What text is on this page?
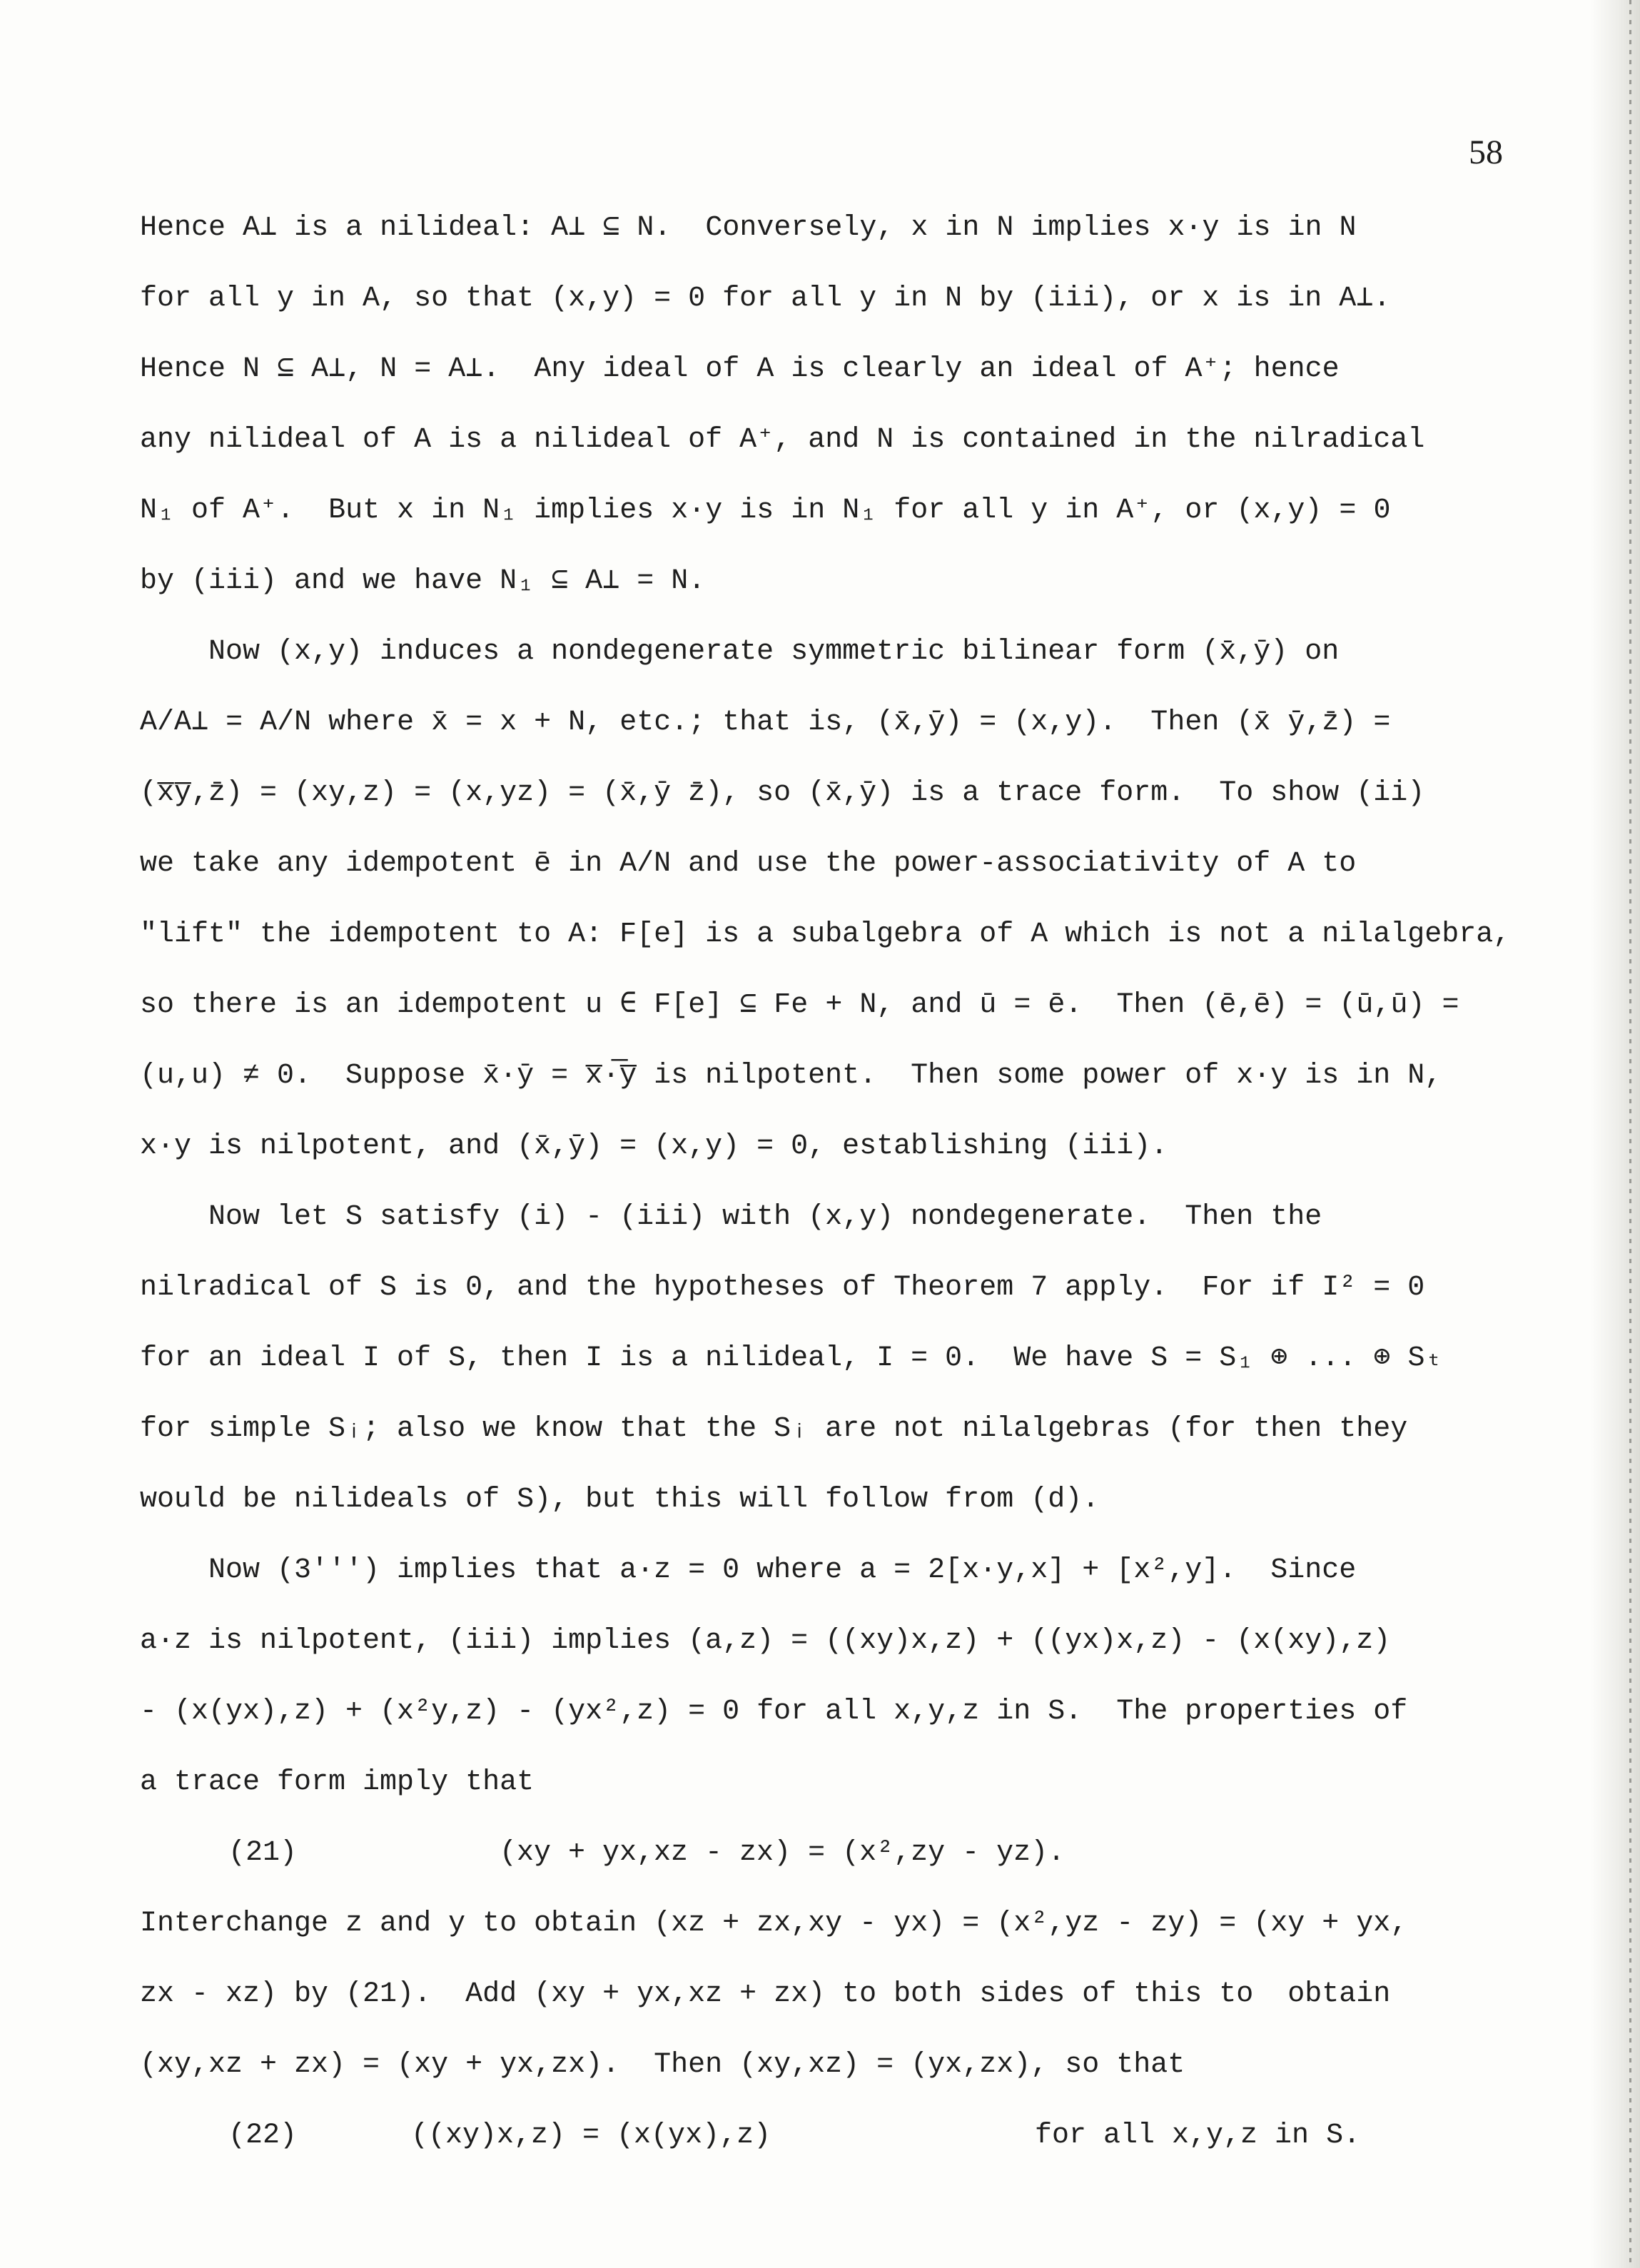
58
Hence A⊥ is a nilideal: A⊥ ⊆ N.  Conversely, x in N implies x·y is in N
for all y in A, so that (x,y) = 0 for all y in N by (iii), or x is in A⊥.
Hence N ⊆ A⊥, N = A⊥.  Any ideal of A is clearly an ideal of A⁺; hence
any nilideal of A is a nilideal of A⁺, and N is contained in the nilradical
N₁ of A⁺.  But x in N₁ implies x·y is in N₁ for all y in A⁺, or (x,y) = 0
by (iii) and we have N₁ ⊆ A⊥ = N.
Now (x,y) induces a nondegenerate symmetric bilinear form (x̄,ȳ) on
A/A⊥ = A/N where x̄ = x + N, etc.; that is, (x̄,ȳ) = (x,y).  Then (x̄ ȳ,z̄) =
(x̅y̅,z̄) = (xy,z) = (x,yz) = (x̄,ȳ z̄), so (x̄,ȳ) is a trace form.  To show (ii)
we take any idempotent ē in A/N and use the power-associativity of A to
"lift" the idempotent to A: F[e] is a subalgebra of A which is not a nilalgebra,
so there is an idempotent u ∈ F[e] ⊆ Fe + N, and ū = ē.  Then (ē,ē) = (ū,ū) =
(u,u) ≠ 0.  Suppose x̄·ȳ = x̅·̅y̅ is nilpotent.  Then some power of x·y is in N,
x·y is nilpotent, and (x̄,ȳ) = (x,y) = 0, establishing (iii).
Now let S satisfy (i) - (iii) with (x,y) nondegenerate.  Then the
nilradical of S is 0, and the hypotheses of Theorem 7 apply.  For if I² = 0
for an ideal I of S, then I is a nilideal, I = 0.  We have S = S₁ ⊕ ... ⊕ Sₜ
for simple Sᵢ; also we know that the Sᵢ are not nilalgebras (for then they
would be nilideals of S), but this will follow from (d).
Now (3''') implies that a·z = 0 where a = 2[x·y,x] + [x²,y].  Since
a·z is nilpotent, (iii) implies (a,z) = ((xy)x,z) + ((yx)x,z) - (x(xy),z)
- (x(yx),z) + (x²y,z) - (yx²,z) = 0 for all x,y,z in S.  The properties of
a trace form imply that
(21)	(xy + yx,xz - zx) = (x²,zy - yz).
Interchange z and y to obtain (xz + zx,xy - yx) = (x²,yz - zy) = (xy + yx,
zx - xz) by (21).  Add (xy + yx,xz + zx) to both sides of this to  obtain
(xy,xz + zx) = (xy + yx,zx).  Then (xy,xz) = (yx,zx), so that
(22)	((xy)x,z) = (x(yx),z)	for all x,y,z in S.
